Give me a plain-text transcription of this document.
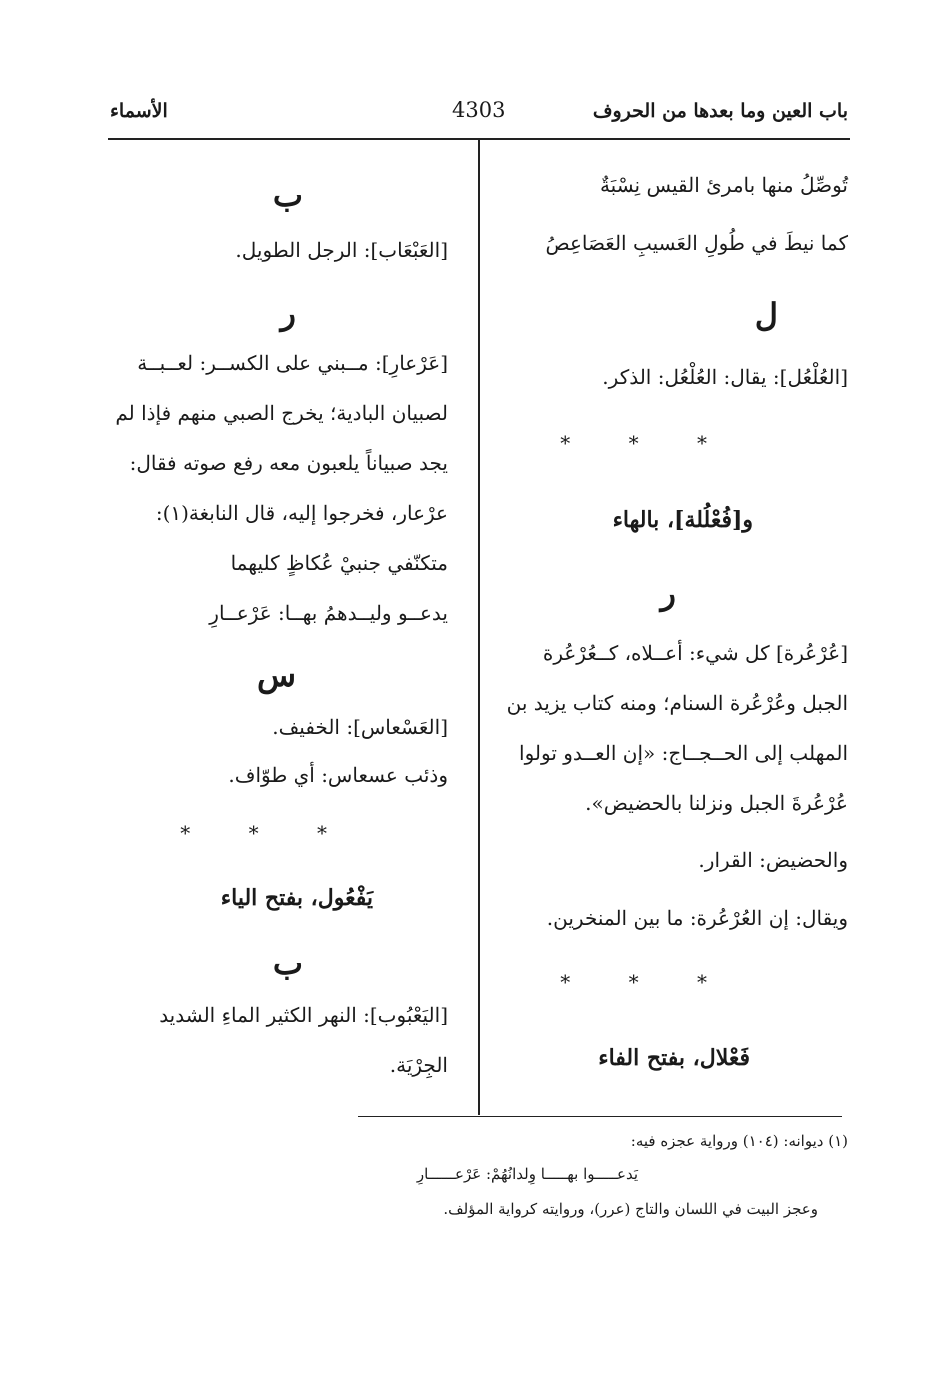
باب العين وما بعدها من الحروف
4303
الأسماء
تُوصِّلُ منها بامرئ القيس نِسْبَةٌ
كما نيطَ في طُولِ العَسيبِ العَصَاعِصُ
ل
[العُلْعُل]: يقال: العُلْعُل: الذكر.
* * *
و[فُعْلُلة]، بالهاء
ر
[عُرْعُرة] كل شيء: أعــلاه، كــعُرْعُرة
الجبل وعُرْعُرة السنام؛ ومنه كتاب يزيد بن
المهلب إلى الحــجــاج: «إن العــدو تولوا
عُرْعُرةَ الجبل ونزلنا بالحضيض».
والحضيض: القرار.
ويقال: إن العُرْعُرة: ما بين المنخرين.
* * *
فَعْلال، بفتح الفاء
ب
[العَبْعَاب]: الرجل الطويل.
ر
[عَرْعارِ]: مــبني على الكســر: لعــبــة
لصبيان البادية؛ يخرج الصبي منهم فإذا لم
يجد صبياناً يلعبون معه رفع صوته فقال:
عرْعار، فخرجوا إليه، قال النابغة(١):
متكنّفي جنبيْ عُكاظٍ كليهما
يدعــو وليــدهمُ بهــا: عَرْعــارِ
س
[العَسْعاس]: الخفيف.
وذئب عسعاس: أي طوّاف.
* * *
يَفْعُول، بفتح الياء
ب
[اليَعْبُوب]: النهر الكثير الماءِ الشديد
الجِرْيَة.
(١) ديوانه: (١٠٤) ورواية عجزه فيه:
يَدعـــــوا بهـــــا وِلدانُهُمْ: عَرْعــــــارِ
وعجز البيت في اللسان والتاج (عرر)، وروايته كرواية المؤلف.
